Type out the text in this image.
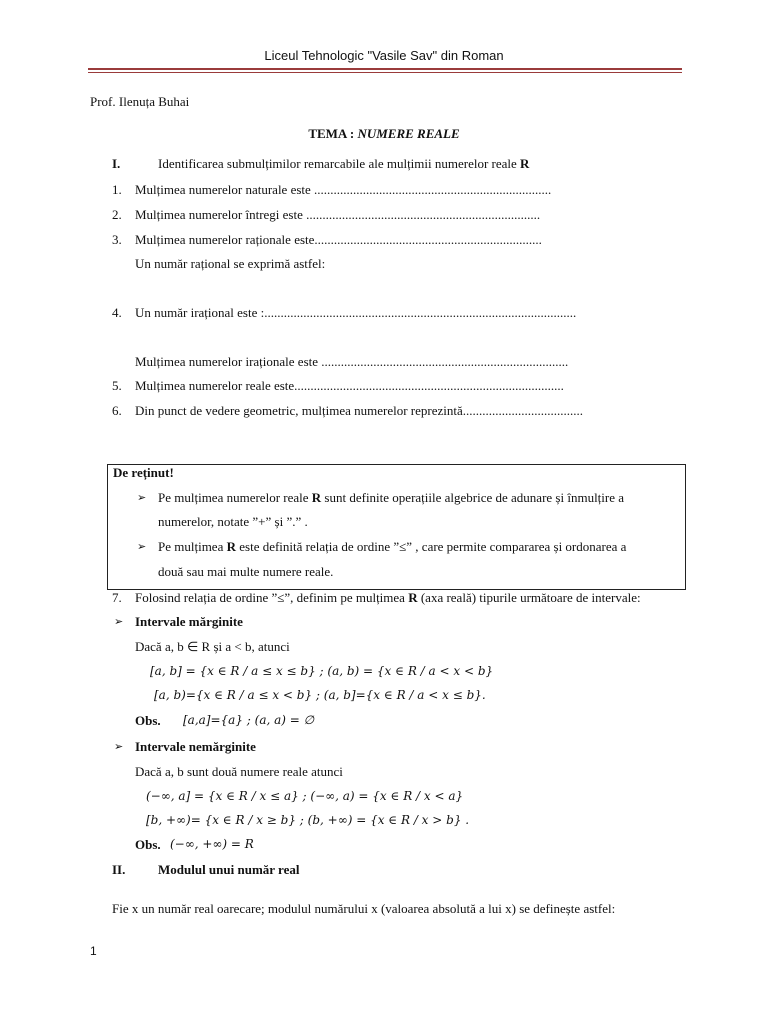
Liceul Tehnologic "Vasile Sav" din Roman
Prof. Ilenuța Buhai
TEMA : NUMERE REALE
I.	Identificarea submulțimilor remarcabile ale mulțimii numerelor reale R
1. Mulțimea numerelor naturale este .........................................................................
2. Mulțimea numerelor întregi este ........................................................................
3. Mulțimea numerelor raționale este......................................................................
Un număr rațional se exprimă astfel:
4. Un număr irațional este :................................................................................................
Mulțimea numerelor iraționale este ............................................................................
5. Mulțimea numerelor reale este...................................................................................
6. Din punct de vedere geometric, mulțimea numerelor reprezintă.....................................
De reținut!
➢ Pe mulțimea numerelor reale R sunt definite operațiile algebrice de adunare și înmulțire a
numerelor, notate ”+” și ”.” .
➢ Pe mulțimea R este definită relația de ordine ”≤” , care permite compararea și ordonarea a
două sau mai multe numere reale.
7. Folosind relația de ordine ”≤”, definim pe mulțimea R (axa reală) tipurile următoare de intervale:
➢ Intervale mărginite
Dacă a, b ∈ R și a < b, atunci
[a, b] = {x ∈ R / a ≤ x ≤ b} ; (a, b) = {x ∈ R / a < x < b}
[a, b)={x ∈ R / a ≤ x < b} ; (a, b]={x ∈ R / a < x ≤ b}.
Obs. [a,a]={a} ; (a, a) = ∅
➢ Intervale nemărginite
Dacă a, b sunt două numere reale atunci
(−∞, a] = {x ∈ R / x ≤ a} ; (−∞, a) = {x ∈ R / x < a}
[b, +∞)= {x ∈ R / x ≥ b} ; (b, +∞) = {x ∈ R / x > b} .
Obs. (−∞, +∞) = R
II.	Modulul unui număr real
Fie x un număr real oarecare; modulul numărului x (valoarea absolută a lui x) se definește astfel:
1
